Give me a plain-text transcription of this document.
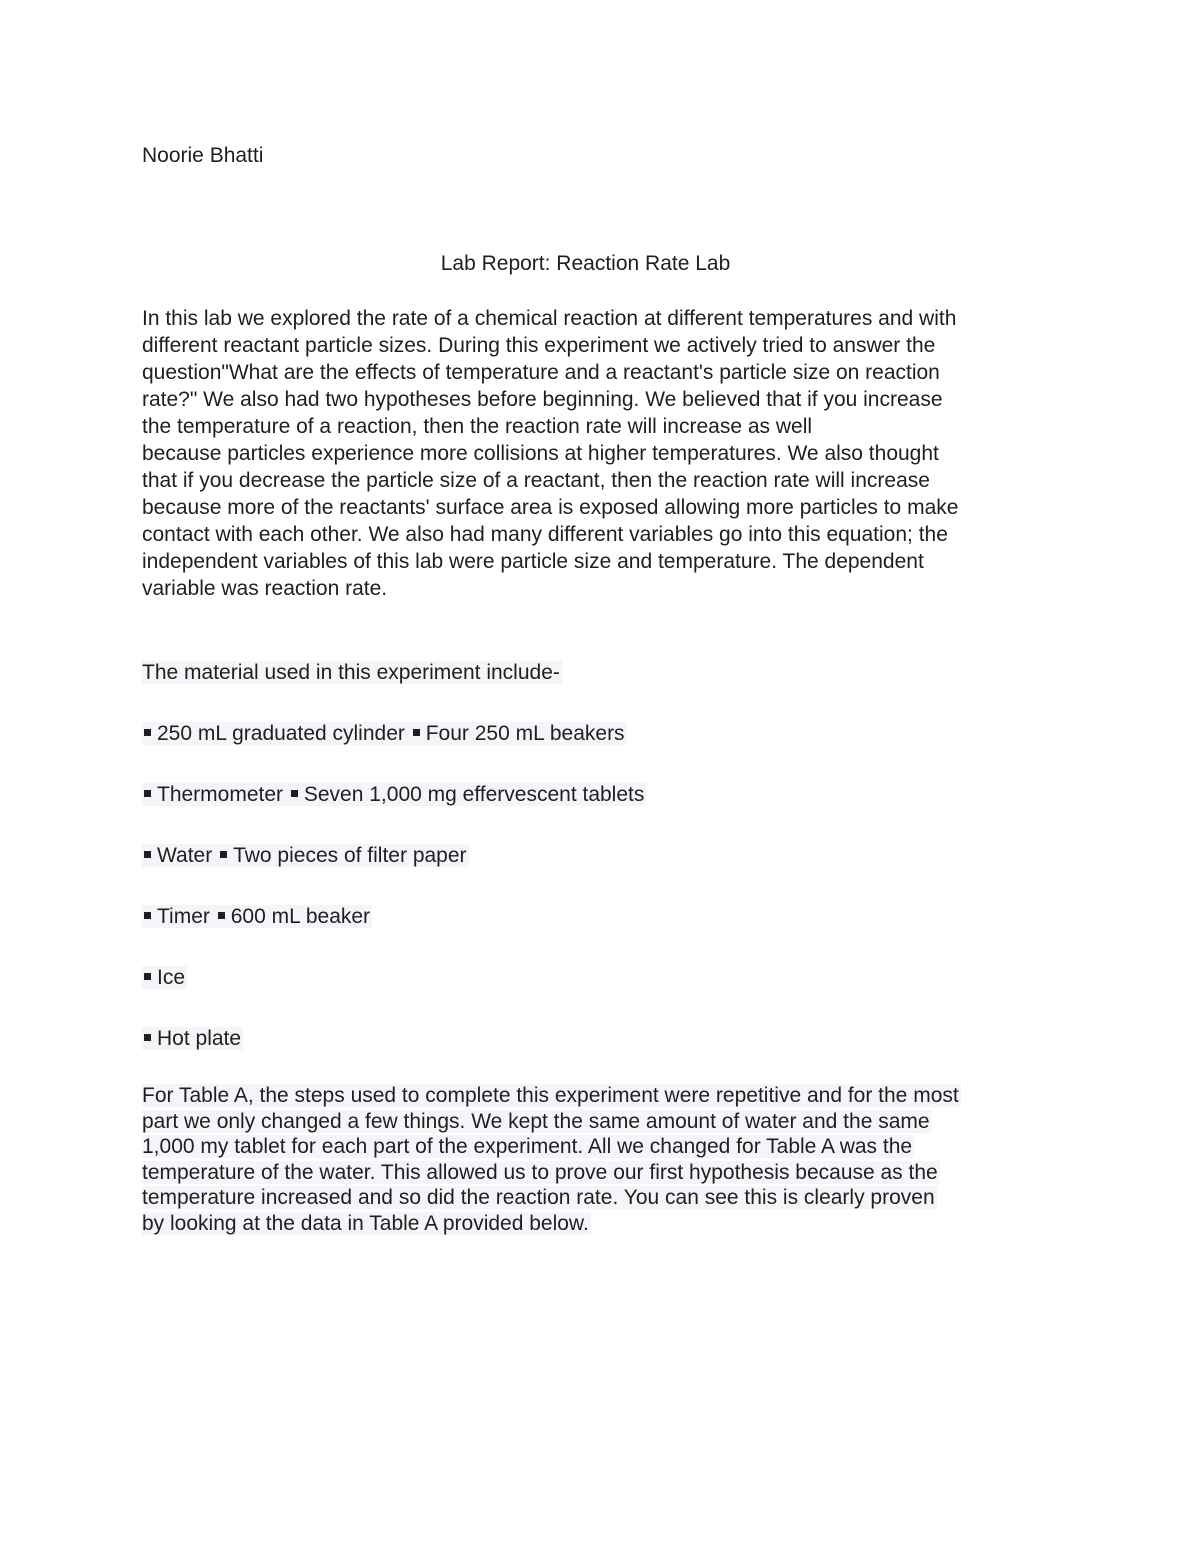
Noorie Bhatti
Lab Report: Reaction Rate Lab

In this lab we explored the rate of a chemical reaction at different temperatures and with
different reactant particle sizes. During this experiment we actively tried to answer the
question"What are the effects of temperature and a reactant's particle size on reaction
rate?" We also had two hypotheses before beginning. We believed that if you increase
the temperature of a reaction, then the reaction rate will increase as well
because particles experience more collisions at higher temperatures. We also thought
that if you decrease the particle size of a reactant, then the reaction rate will increase
because more of the reactants' surface area is exposed allowing more particles to make
contact with each other. We also had many different variables go into this equation; the
independent variables of this lab were particle size and temperature. The dependent
variable was reaction rate.

The material used in this experiment include-
250 mL graduated cylinder Four 250 mL beakers
Thermometer Seven 1,000 mg effervescent tablets
Water Two pieces of filter paper
Timer 600 mL beaker
Ice
Hot plate

For Table A, the steps used to complete this experiment were repetitive and for the most
part we only changed a few things. We kept the same amount of water and the same
1,000 my tablet for each part of the experiment. All we changed for Table A was the
temperature of the water. This allowed us to prove our first hypothesis because as the
temperature increased and so did the reaction rate. You can see this is clearly proven
by looking at the data in Table A provided below.
